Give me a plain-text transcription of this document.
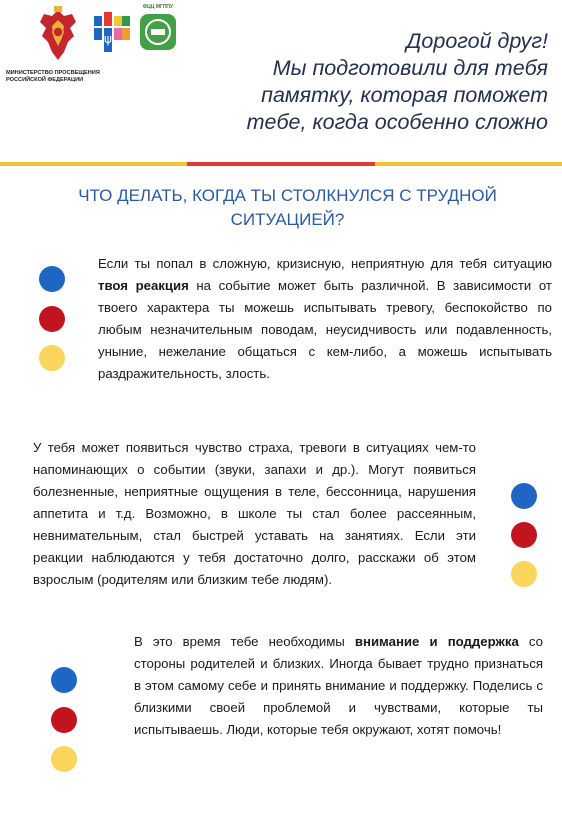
МИНИСТЕРСТВО ПРОСВЕЩЕНИЯ РОССИЙСКОЙ ФЕДЕРАЦИИ
ψ
ФЦЦ МГППУ
Дорогой друг!
Мы подготовили для тебя
памятку, которая поможет
тебе, когда особенно сложно
ЧТО ДЕЛАТЬ, КОГДА ТЫ СТОЛКНУЛСЯ С ТРУДНОЙ СИТУАЦИЕЙ?
Если ты попал в сложную, кризисную, неприятную для тебя ситуацию твоя реакция на событие может быть различной. В зависимости от твоего характера ты можешь испытывать тревогу, беспокойство по любым незначительным поводам, неусидчивость или подавленность, уныние, нежелание общаться с кем-либо, а можешь испытывать раздражительность, злость.
У тебя может появиться чувство страха, тревоги в ситуациях чем-то напоминающих о событии (звуки, запахи и др.). Могут появиться болезненные, неприятные ощущения в теле, бессонница, нарушения аппетита и т.д. Возможно, в школе ты стал более рассеянным, невнимательным, стал быстрей уставать на занятиях. Если эти реакции наблюдаются у тебя достаточно долго, расскажи об этом взрослым (родителям или близким тебе людям).
В это время тебе необходимы внимание и поддержка со стороны родителей и близких. Иногда бывает трудно признаться в этом самому себе и принять внимание и поддержку. Поделись с близкими своей проблемой и чувствами, которые ты испытываешь. Люди, которые тебя окружают, хотят помочь!
